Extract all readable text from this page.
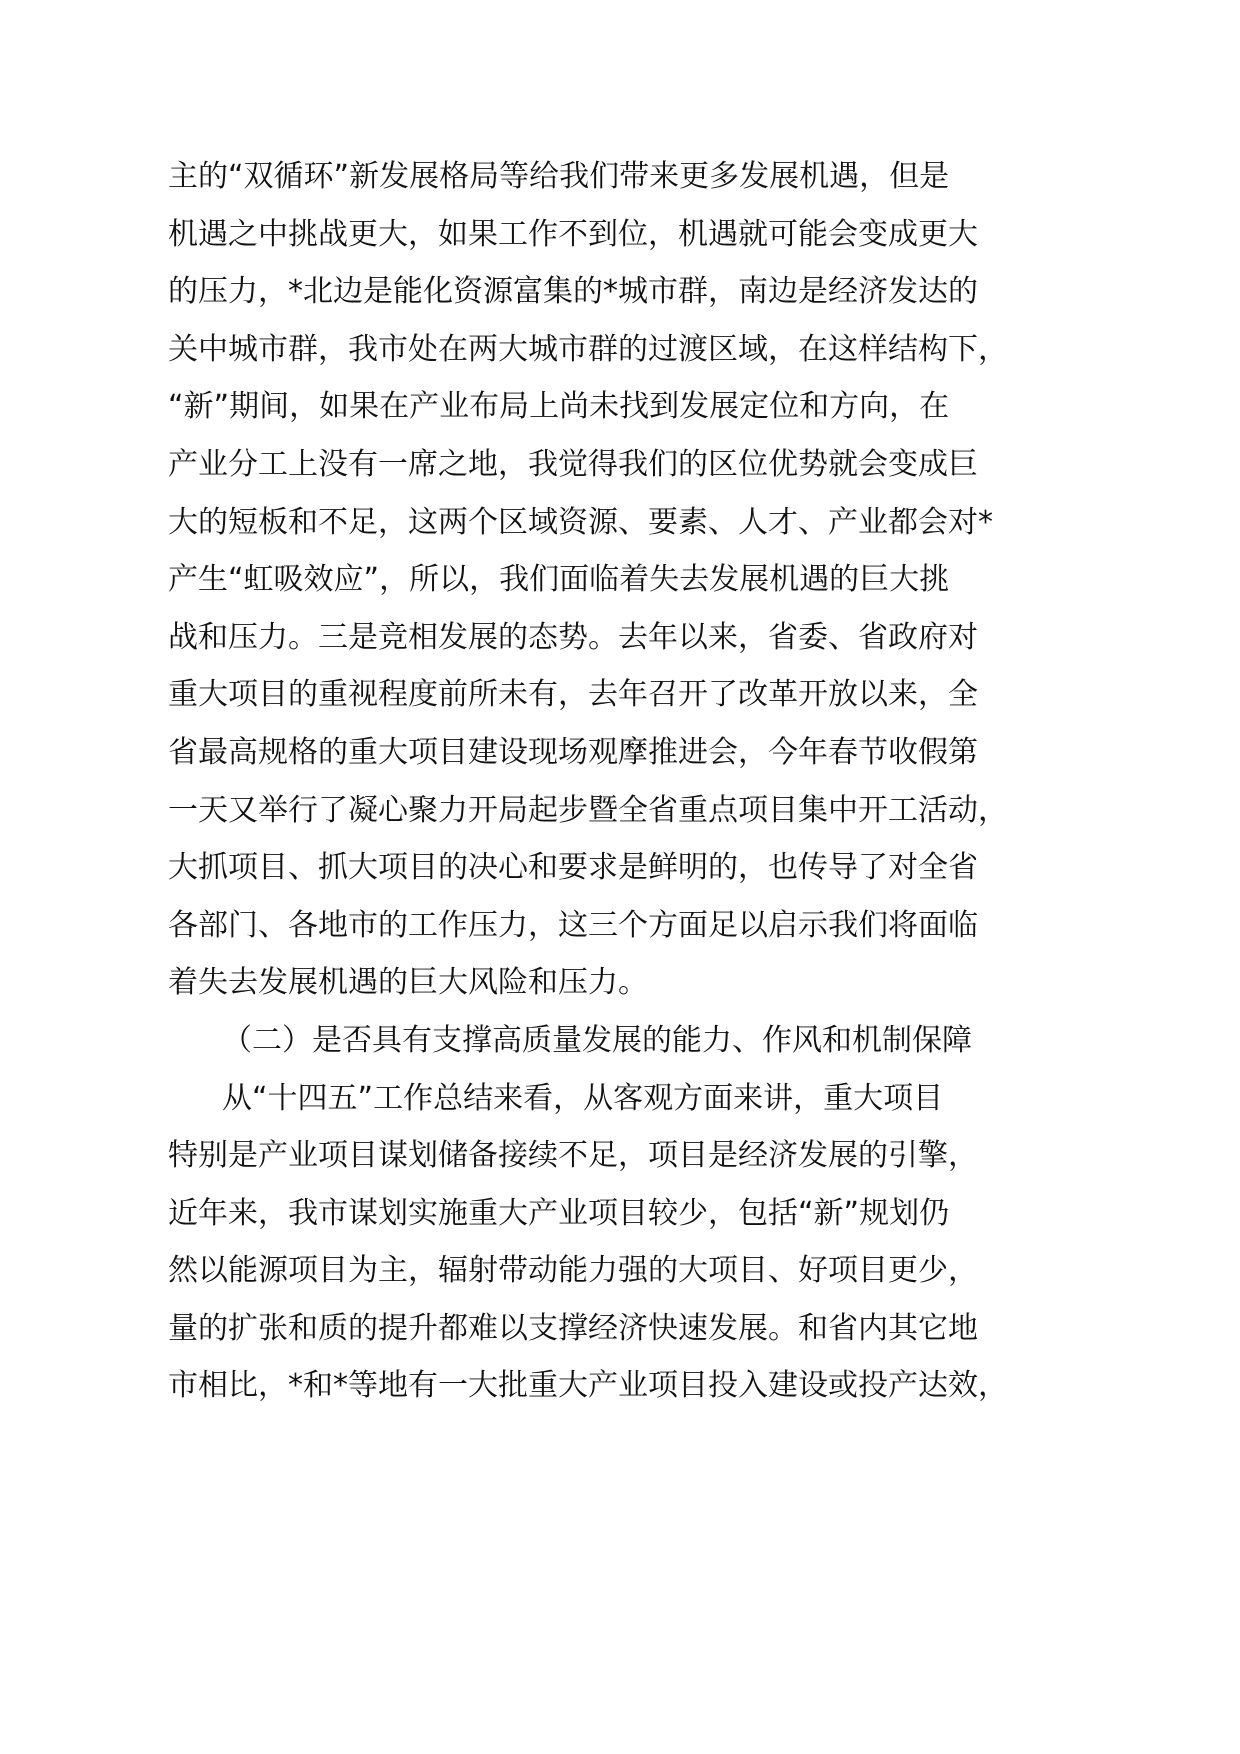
主的“双循环”新发展格局等给我们带来更多发展机遇，但是
机遇之中挑战更大，如果工作不到位，机遇就可能会变成更大
的压力，*北边是能化资源富集的*城市群，南边是经济发达的
关中城市群，我市处在两大城市群的过渡区域，在这样结构下，
“新”期间，如果在产业布局上尚未找到发展定位和方向，在
产业分工上没有一席之地，我觉得我们的区位优势就会变成巨
大的短板和不足，这两个区域资源、要素、人才、产业都会对*
产生“虹吸效应”，所以，我们面临着失去发展机遇的巨大挑
战和压力。三是竞相发展的态势。去年以来，省委、省政府对
重大项目的重视程度前所未有，去年召开了改革开放以来，全
省最高规格的重大项目建设现场观摩推进会，今年春节收假第
一天又举行了凝心聚力开局起步暨全省重点项目集中开工活动，
大抓项目、抓大项目的决心和要求是鲜明的，也传导了对全省
各部门、各地市的工作压力，这三个方面足以启示我们将面临
着失去发展机遇的巨大风险和压力。
（二）是否具有支撑高质量发展的能力、作风和机制保障
从“十四五”工作总结来看，从客观方面来讲，重大项目
特别是产业项目谋划储备接续不足，项目是经济发展的引擎，
近年来，我市谋划实施重大产业项目较少，包括“新”规划仍
然以能源项目为主，辐射带动能力强的大项目、好项目更少，
量的扩张和质的提升都难以支撑经济快速发展。和省内其它地
市相比，*和*等地有一大批重大产业项目投入建设或投产达效，
